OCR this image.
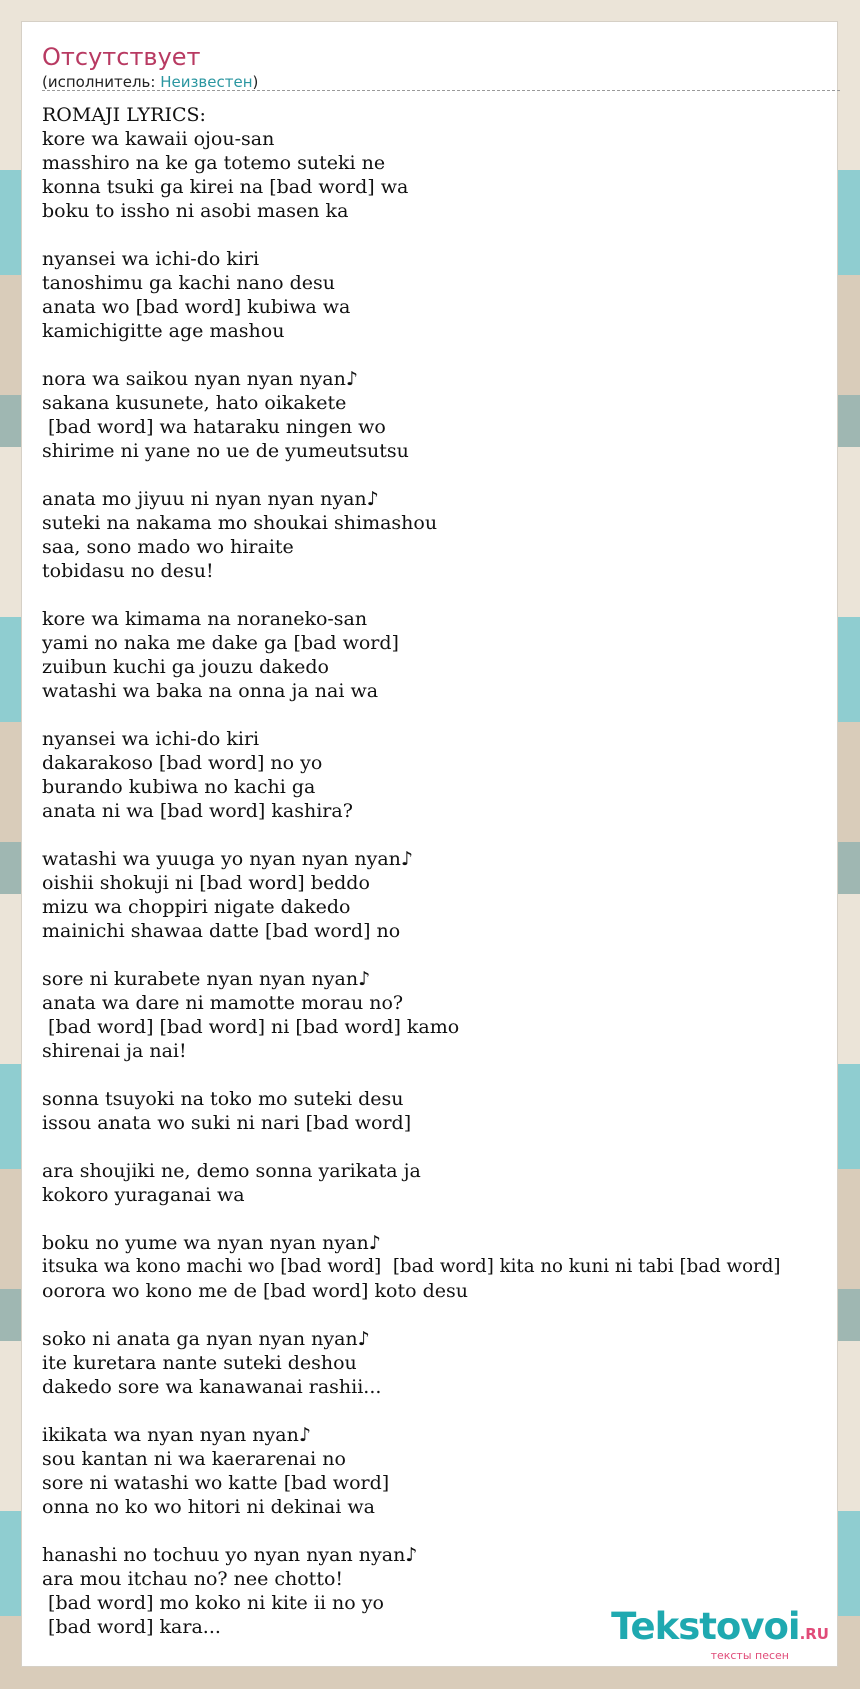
Отсутствует
(исполнитель: Неизвестен)
ROMAJI LYRICS:
kore wa kawaii ojou-san
masshiro na ke ga totemo suteki ne
konna tsuki ga kirei na [bad word] wa
boku to issho ni asobi masen ka
nyansei wa ichi-do kiri
tanoshimu ga kachi nano desu
anata wo [bad word] kubiwa wa
kamichigitte age mashou
nora wa saikou nyan nyan nyan♪
sakana kusunete, hato oikakete
[bad word] wa hataraku ningen wo
shirime ni yane no ue de yumeutsutsu
anata mo jiyuu ni nyan nyan nyan♪
suteki na nakama mo shoukai shimashou
saa, sono mado wo hiraite
tobidasu no desu!
kore wa kimama na noraneko-san
yami no naka me dake ga [bad word]
zuibun kuchi ga jouzu dakedo
watashi wa baka na onna ja nai wa
nyansei wa ichi-do kiri
dakarakoso [bad word] no yo
burando kubiwa no kachi ga
anata ni wa [bad word] kashira?
watashi wa yuuga yo nyan nyan nyan♪
oishii shokuji ni [bad word] beddo
mizu wa choppiri nigate dakedo
mainichi shawaa datte [bad word] no
sore ni kurabete nyan nyan nyan♪
anata wa dare ni mamotte morau no?
[bad word] [bad word] ni [bad word] kamo
shirenai ja nai!
sonna tsuyoki na toko mo suteki desu
issou anata wo suki ni nari [bad word]
ara shoujiki ne, demo sonna yarikata ja
kokoro yuraganai wa
boku no yume wa nyan nyan nyan♪
itsuka wa kono machi wo [bad word]  [bad word] kita no kuni ni tabi [bad word]
oorora wo kono me de [bad word] koto desu
soko ni anata ga nyan nyan nyan♪
ite kuretara nante suteki deshou
dakedo sore wa kanawanai rashii...
ikikata wa nyan nyan nyan♪
sou kantan ni wa kaerarenai no
sore ni watashi wo katte [bad word]
onna no ko wo hitori ni dekinai wa
hanashi no tochuu yo nyan nyan nyan♪
ara mou itchau no? nee chotto!
[bad word] mo koko ni kite ii no yo
[bad word] kara...	Tekstovoi.RU
тексты песен
